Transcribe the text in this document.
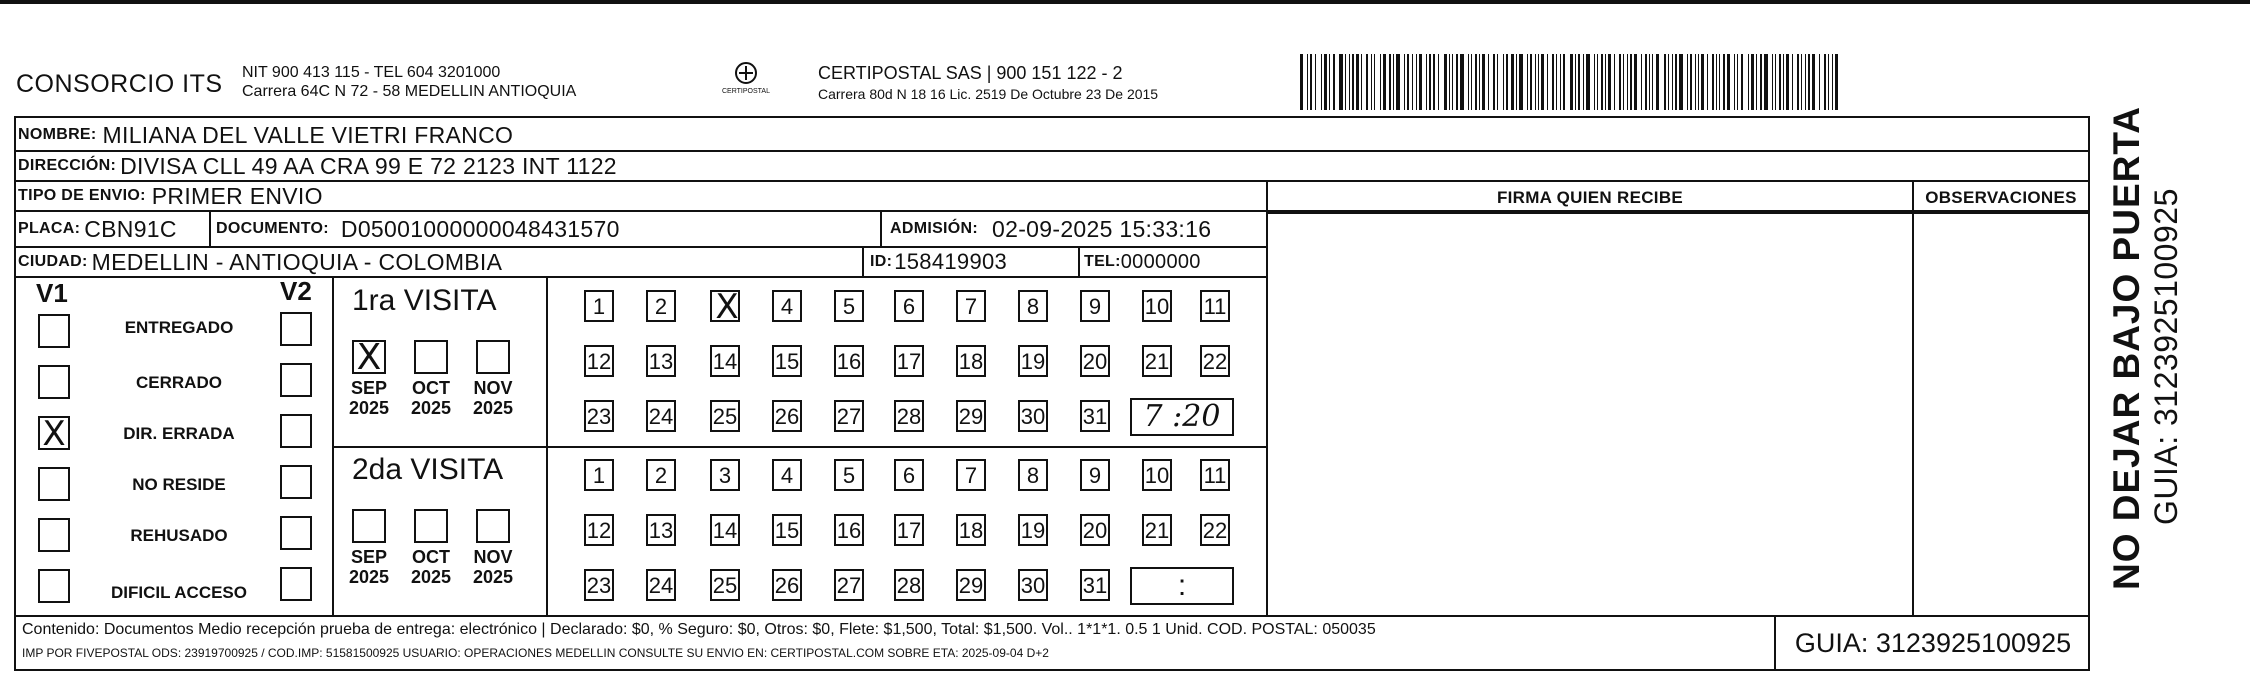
CONSORCIO ITS NIT 900 413 115 - TEL 604 3201000
Carrera 64C N 72 - 58 MEDELLIN ANTIOQUIA	CERTIPOSTAL
CERTIPOSTAL SAS | 900 151 122 - 2
Carrera 80d N 18 16 Lic. 2519 De Octubre 23 De 2015
NOMBRE: MILIANA DEL VALLE VIETRI FRANCO
DIRECCIÓN: DIVISA CLL 49 AA CRA 99 E 72 2123 INT 1122
TIPO DE ENVIO: PRIMER ENVIO
PLACA: CBN91C DOCUMENTO: D05001000000048431570	ADMISIÓN: 02-09-2025 15:33:16
CIUDAD: MEDELLIN - ANTIOQUIA - COLOMBIA	ID: 158419903	TEL: 0000000
FIRMA QUIEN RECIBE	OBSERVACIONES
V1	V2
ENTREGADO
CERRADO
X
DIR. ERRADA
NO RESIDE
REHUSADO
DIFICIL ACCESO
1ra VISITA
X
SEP
2025
OCT
2025
NOV
2025
1	2
X	4	5	6	7	8	9	10 11
12 13 14 15 16 17 18 19 20 21 22
23 24 25 26 27 28 29 30 31	7 :20
2da VISITA
SEP
2025
OCT
2025
NOV
2025
1	2	3	4	5	6	7	8	9	10 11
12 13 14 15 16 17 18 19 20 21 22
23 24 25 26 27 28 29 30 31	:
Contenido: Documentos Medio recepción prueba de entrega: electrónico | Declarado: $0, % Seguro: $0, Otros: $0, Flete: $1,500, Total: $1,500. Vol.. 1*1*1. 0.5 1 Unid. COD. POSTAL: 050035
IMP POR FIVEPOSTAL ODS: 23919700925 / COD.IMP: 51581500925 USUARIO: OPERACIONES MEDELLIN CONSULTE SU ENVIO EN: CERTIPOSTAL.COM SOBRE ETA: 2025-09-04 D+2	GUIA: 3123925100925
NO DEJAR BAJO PUERTA GUIA: 3123925100925
